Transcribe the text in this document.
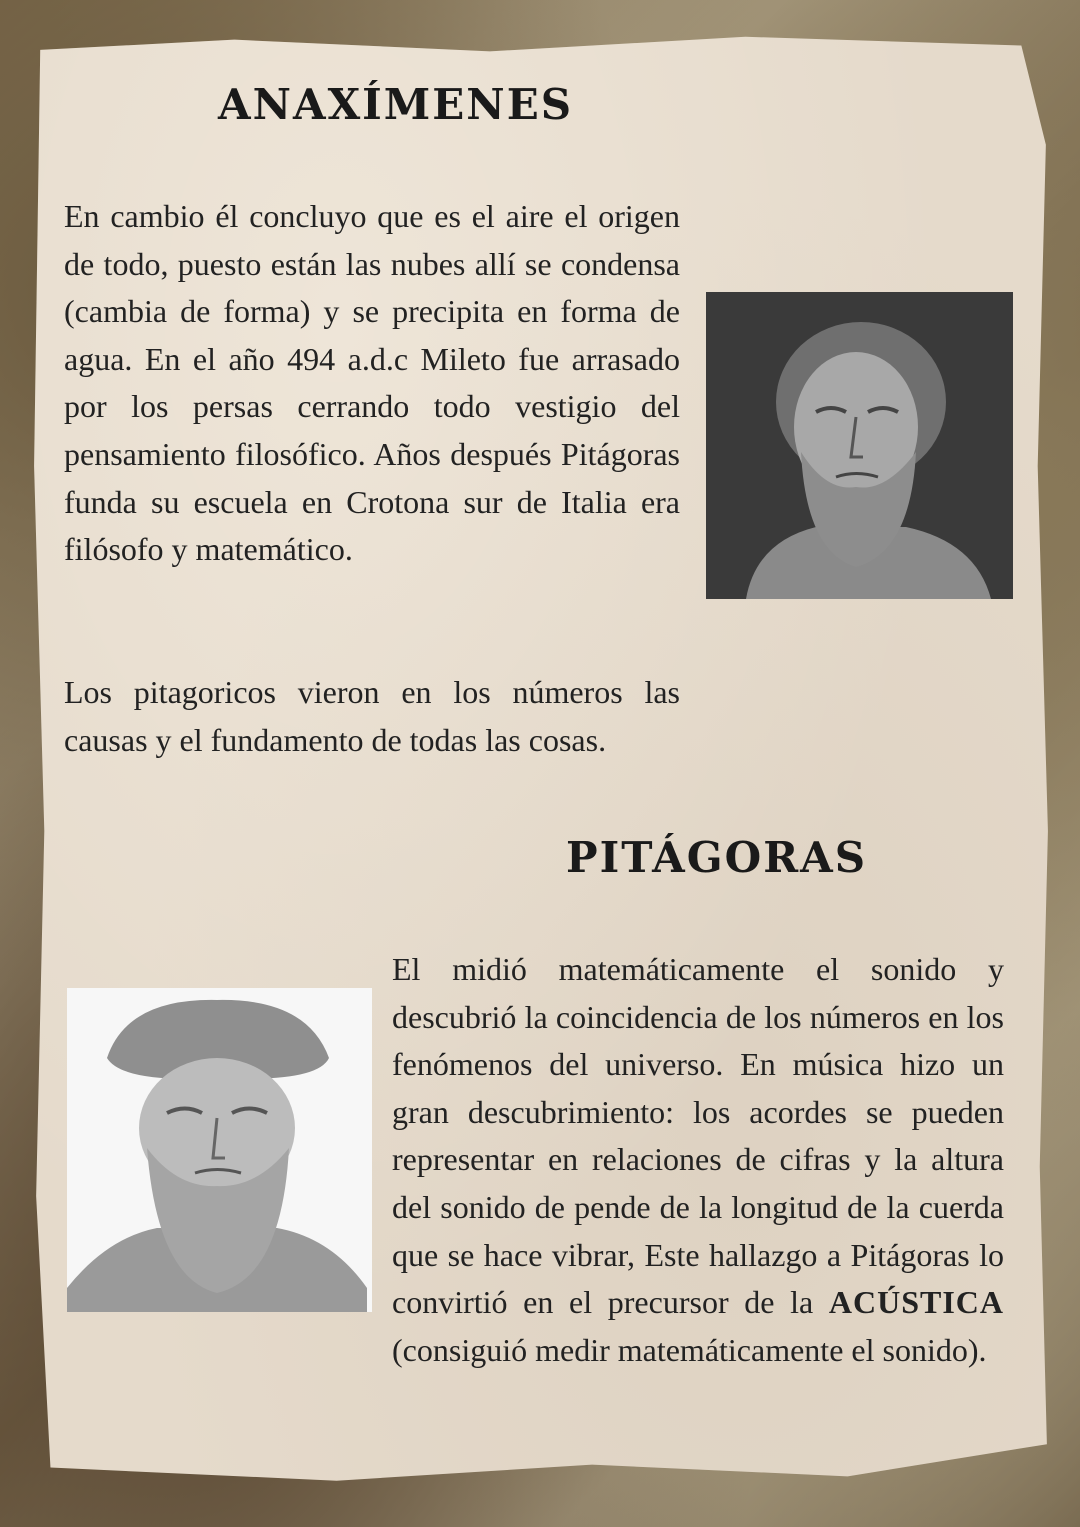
ANAXÍMENES

En cambio él concluyo que es el aire el origen de todo, puesto están las nubes allí se condensa (cambia de forma) y se precipita en forma de agua. En el año 494 a.d.c Mileto fue arrasado por los persas cerrando todo vestigio del pensamiento filosófico. Años después Pitágoras funda su escuela en Crotona sur de Italia era filósofo y matemático.

Los pitagoricos vieron en los números las causas y el fundamento de todas las cosas.

PITÁGORAS

El midió matemáticamente el sonido y descubrió la coincidencia de los números en los fenómenos del universo. En música hizo un gran descubrimiento: los acordes se pueden representar en relaciones de cifras y la altura del sonido de pende de la longitud de la cuerda que se hace vibrar, Este hallazgo a Pitágoras lo convirtió en el precursor de la ACÚSTICA (consiguió medir matemáticamente el sonido).
